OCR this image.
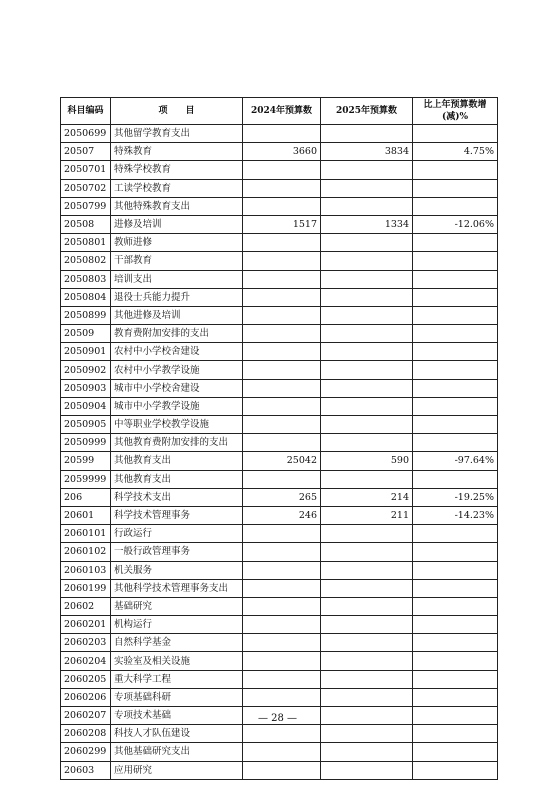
科目编码	项　　目	2024年预算数	2025年预算数	比上年预算数增(减)%
2050699	其他留学教育支出			
20507	特殊教育	3660	3834	4.75%
2050701	特殊学校教育			
2050702	工读学校教育			
2050799	其他特殊教育支出			
20508	进修及培训	1517	1334	-12.06%
2050801	教师进修			
2050802	干部教育			
2050803	培训支出			
2050804	退役士兵能力提升			
2050899	其他进修及培训			
20509	教育费附加安排的支出			
2050901	农村中小学校舍建设			
2050902	农村中小学教学设施			
2050903	城市中小学校舍建设			
2050904	城市中小学教学设施			
2050905	中等职业学校教学设施			
2050999	其他教育费附加安排的支出			
20599	其他教育支出	25042	590	-97.64%
2059999	其他教育支出			
206	科学技术支出	265	214	-19.25%
20601	科学技术管理事务	246	211	-14.23%
2060101	行政运行			
2060102	一般行政管理事务			
2060103	机关服务			
2060199	其他科学技术管理事务支出			
20602	基础研究			
2060201	机构运行			
2060203	自然科学基金			
2060204	实验室及相关设施			
2060205	重大科学工程			
2060206	专项基础科研			
2060207	专项技术基础			
2060208	科技人才队伍建设			
2060299	其他基础研究支出			
20603	应用研究			
— 28 —
